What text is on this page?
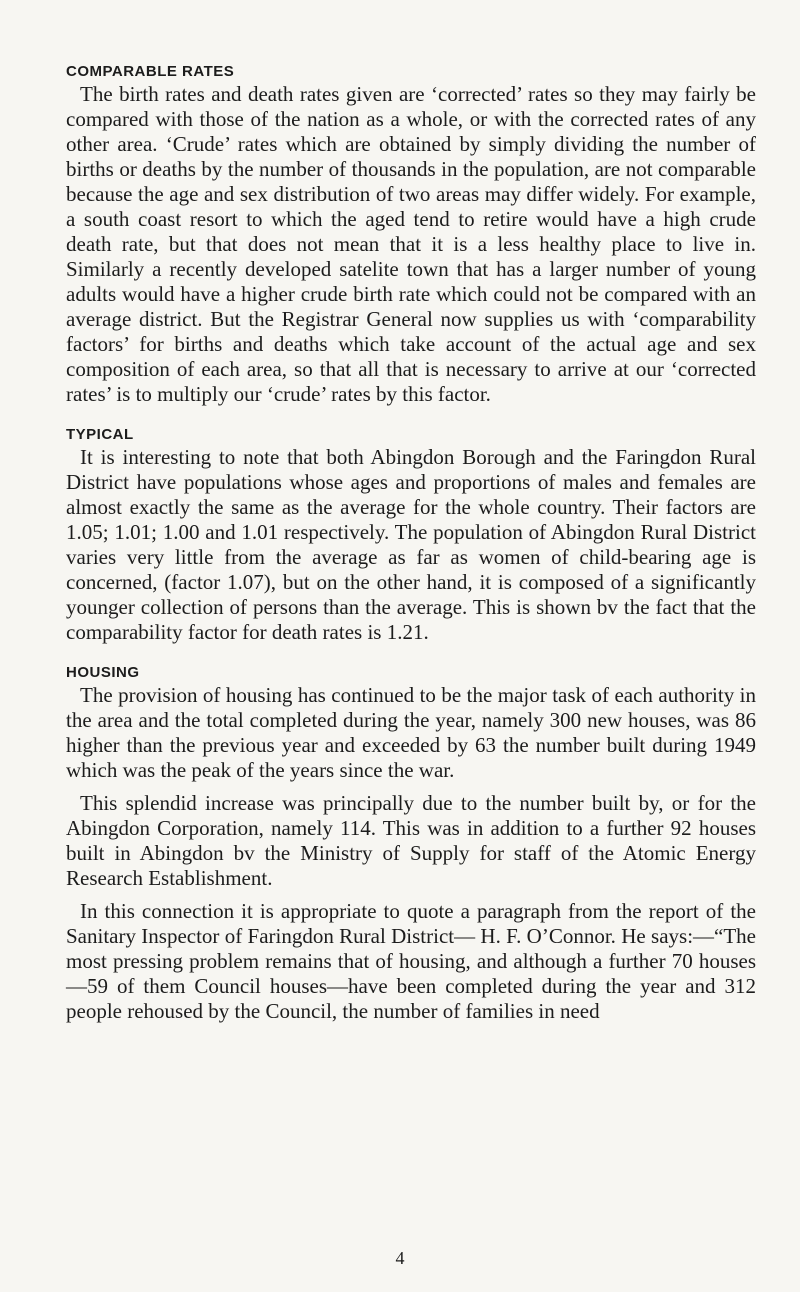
COMPARABLE RATES

The birth rates and death rates given are ‘corrected’ rates so they may fairly be compared with those of the nation as a whole, or with the corrected rates of any other area. ‘Crude’ rates which are obtained by simply dividing the number of births or deaths by the number of thousands in the population, are not comparable because the age and sex distribution of two areas may differ widely. For example, a south coast resort to which the aged tend to retire would have a high crude death rate, but that does not mean that it is a less healthy place to live in. Similarly a recently developed satelite town that has a larger number of young adults would have a higher crude birth rate which could not be compared with an average district. But the Registrar General now supplies us with ‘comparability factors’ for births and deaths which take account of the actual age and sex composition of each area, so that all that is necessary to arrive at our ‘corrected rates’ is to multiply our ‘crude’ rates by this factor.

TYPICAL

It is interesting to note that both Abingdon Borough and the Faringdon Rural District have populations whose ages and proportions of males and females are almost exactly the same as the average for the whole country. Their factors are 1.05; 1.01; 1.00 and 1.01 respectively. The population of Abingdon Rural District varies very little from the average as far as women of child-bearing age is concerned, (factor 1.07), but on the other hand, it is composed of a significantly younger collection of persons than the average. This is shown bv the fact that the comparability factor for death rates is 1.21.

HOUSING

The provision of housing has continued to be the major task of each authority in the area and the total completed during the year, namely 300 new houses, was 86 higher than the previous year and exceeded by 63 the number built during 1949 which was the peak of the years since the war.

This splendid increase was principally due to the number built by, or for the Abingdon Corporation, namely 114. This was in addition to a further 92 houses built in Abingdon bv the Ministry of Supply for staff of the Atomic Energy Research Establishment.

In this connection it is appropriate to quote a paragraph from the report of the Sanitary Inspector of Faringdon Rural District— H. F. O’Connor. He says:—“The most pressing problem remains that of housing, and although a further 70 houses—59 of them Council houses—have been completed during the year and 312 people rehoused by the Council, the number of families in need

4
